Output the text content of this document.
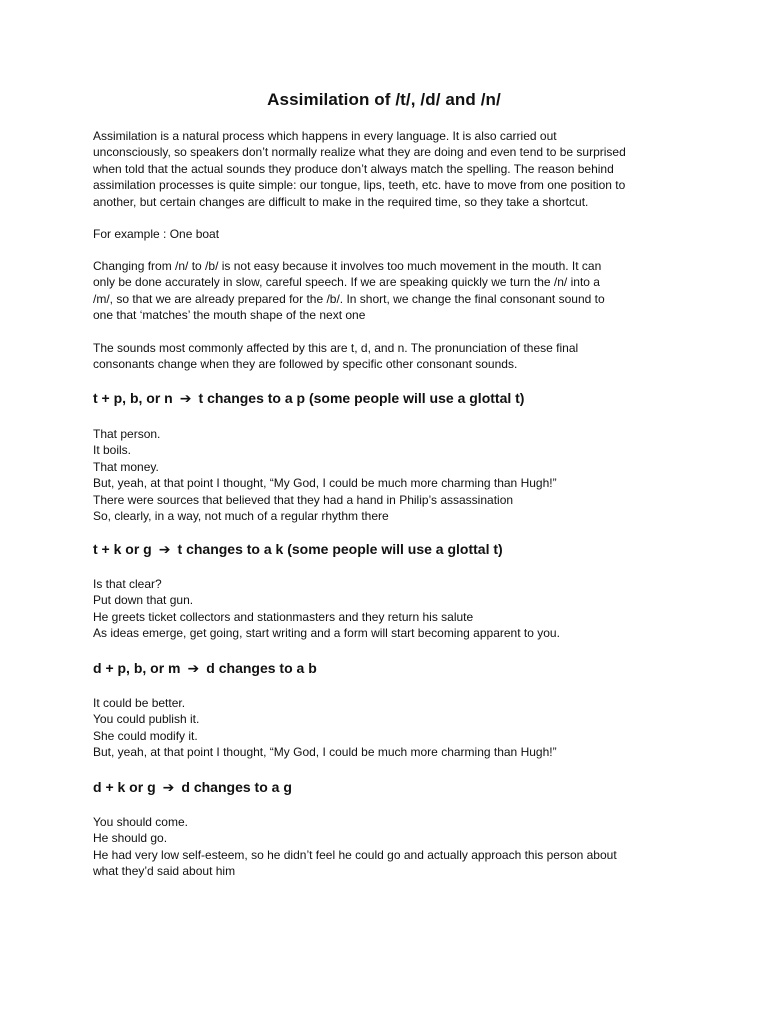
Assimilation of /t/, /d/ and /n/
Assimilation is a natural process which happens in every language. It is also carried out
unconsciously, so speakers don’t normally realize what they are doing and even tend to be surprised
when told that the actual sounds they produce don’t always match the spelling. The reason behind
assimilation processes is quite simple: our tongue, lips, teeth, etc. have to move from one position to
another, but certain changes are difficult to make in the required time, so they take a shortcut.
For example : One boat
Changing from /n/ to /b/ is not easy because it involves too much movement in the mouth. It can
only be done accurately in slow, careful speech. If we are speaking quickly we turn the /n/ into a
/m/, so that we are already prepared for the /b/. In short, we change the final consonant sound to
one that ‘matches’ the mouth shape of the next one
The sounds most commonly affected by this are t, d, and n. The pronunciation of these final
consonants change when they are followed by specific other consonant sounds.
t + p, b, or n ➔ t changes to a p (some people will use a glottal t)
That person.
It boils.
That money.
But, yeah, at that point I thought, “My God, I could be much more charming than Hugh!”
There were sources that believed that they had a hand in Philip’s assassination
So, clearly, in a way, not much of a regular rhythm there
t + k or g ➔ t changes to a k (some people will use a glottal t)
Is that clear?
Put down that gun.
He greets ticket collectors and stationmasters and they return his salute
As ideas emerge, get going, start writing and a form will start becoming apparent to you.
d + p, b, or m ➔ d changes to a b
It could be better.
You could publish it.
She could modify it.
But, yeah, at that point I thought, “My God, I could be much more charming than Hugh!”
d + k or g ➔ d changes to a g
You should come.
He should go.
He had very low self-esteem, so he didn’t feel he could go and actually approach this person about
what they’d said about him
